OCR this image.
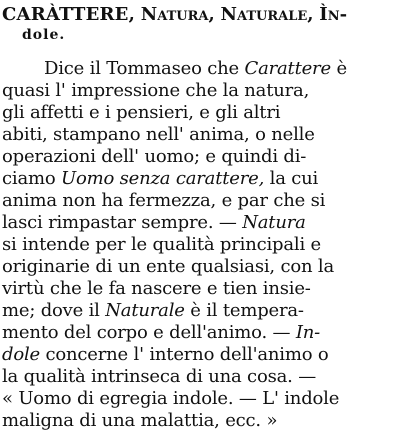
CARÀTTERE, Natura, Naturale, Ìn-
dole.
Dice il Tommaseo che Carattere è
quasi l' impressione che la natura,
gli affetti e i pensieri, e gli altri
abiti, stampano nell' anima, o nelle
operazioni dell' uomo; e quindi di-
ciamo Uomo senza carattere, la cui
anima non ha fermezza, e par che si
lasci rimpastar sempre. — Natura
si intende per le qualità principali e
originarie di un ente qualsiasi, con la
virtù che le fa nascere e tien insie-
me; dove il Naturale è il tempera-
mento del corpo e dell'animo. — In-
dole concerne l' interno dell'animo o
la qualità intrinseca di una cosa. —
« Uomo di egregia indole. — L' indole
maligna di una malattia, ecc. »
